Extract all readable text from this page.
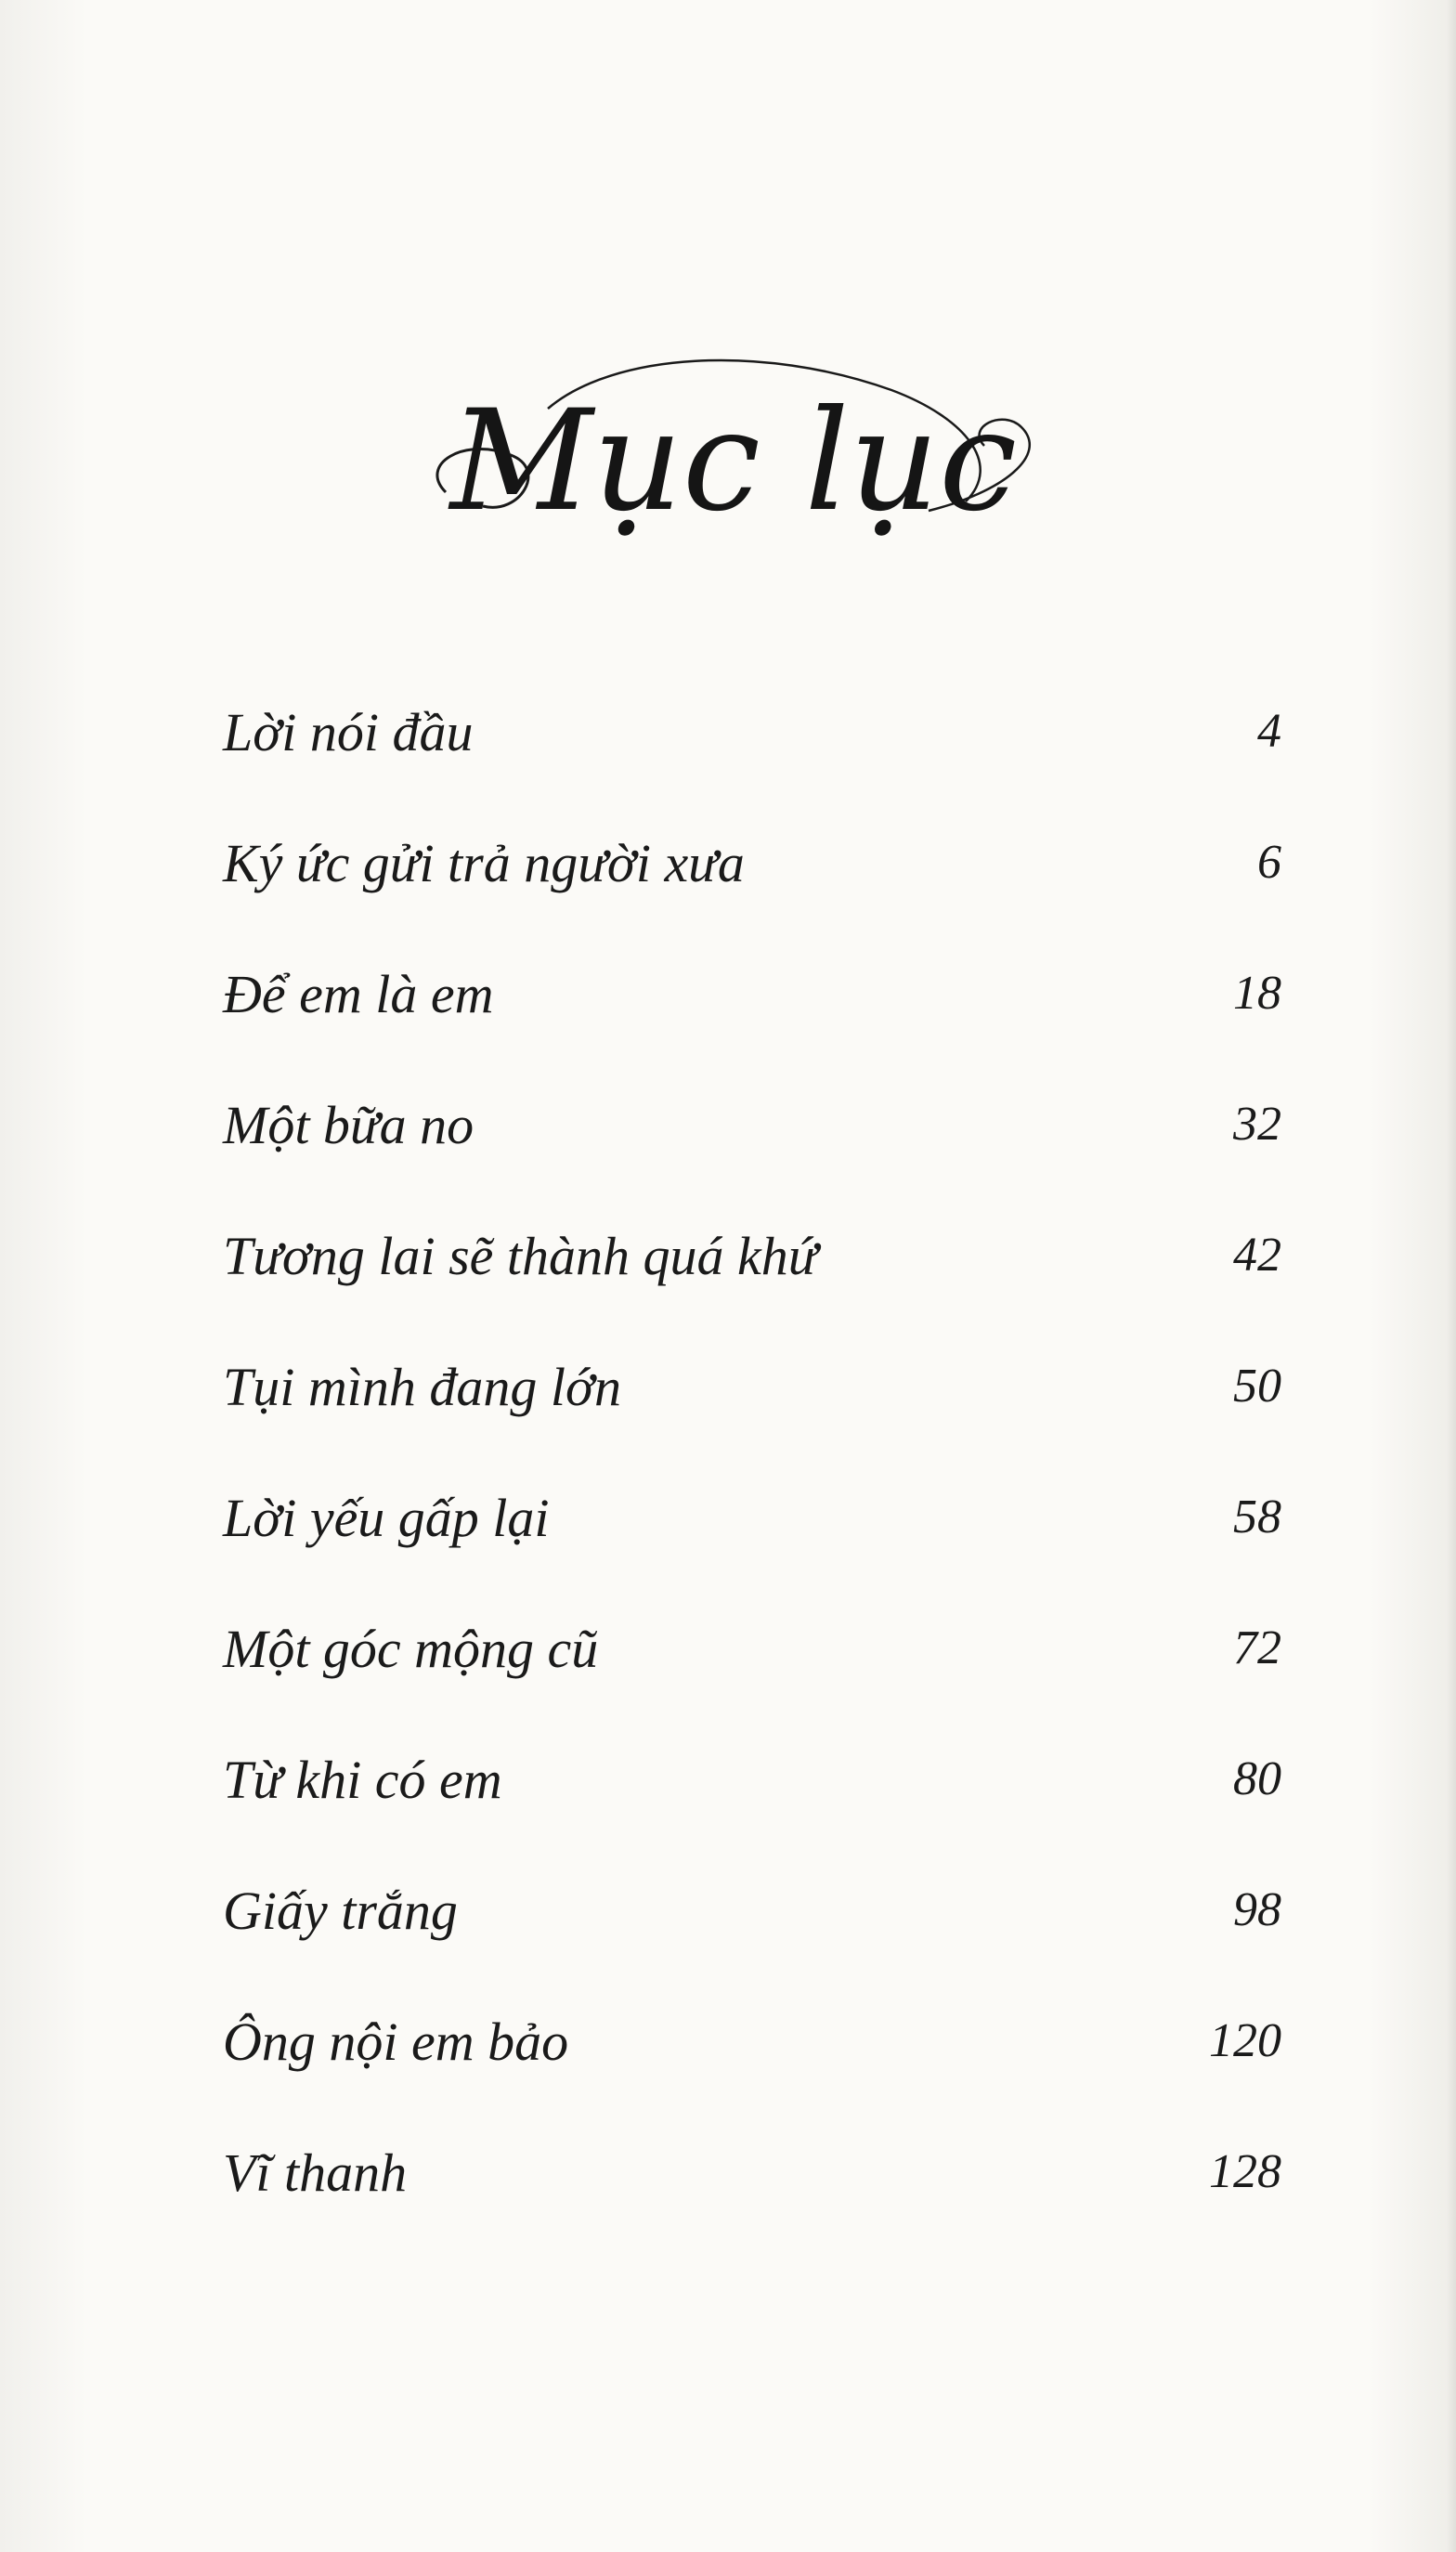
Mục lục
Lời nói đầu	4
Ký ức gửi trả người xưa	6
Để em là em	18
Một bữa no	32
Tương lai sẽ thành quá khứ	42
Tụi mình đang lớn	50
Lời yếu gấp lại	58
Một góc mộng cũ	72
Từ khi có em	80
Giấy trắng	98
Ông nội em bảo	120
Vĩ thanh	128
